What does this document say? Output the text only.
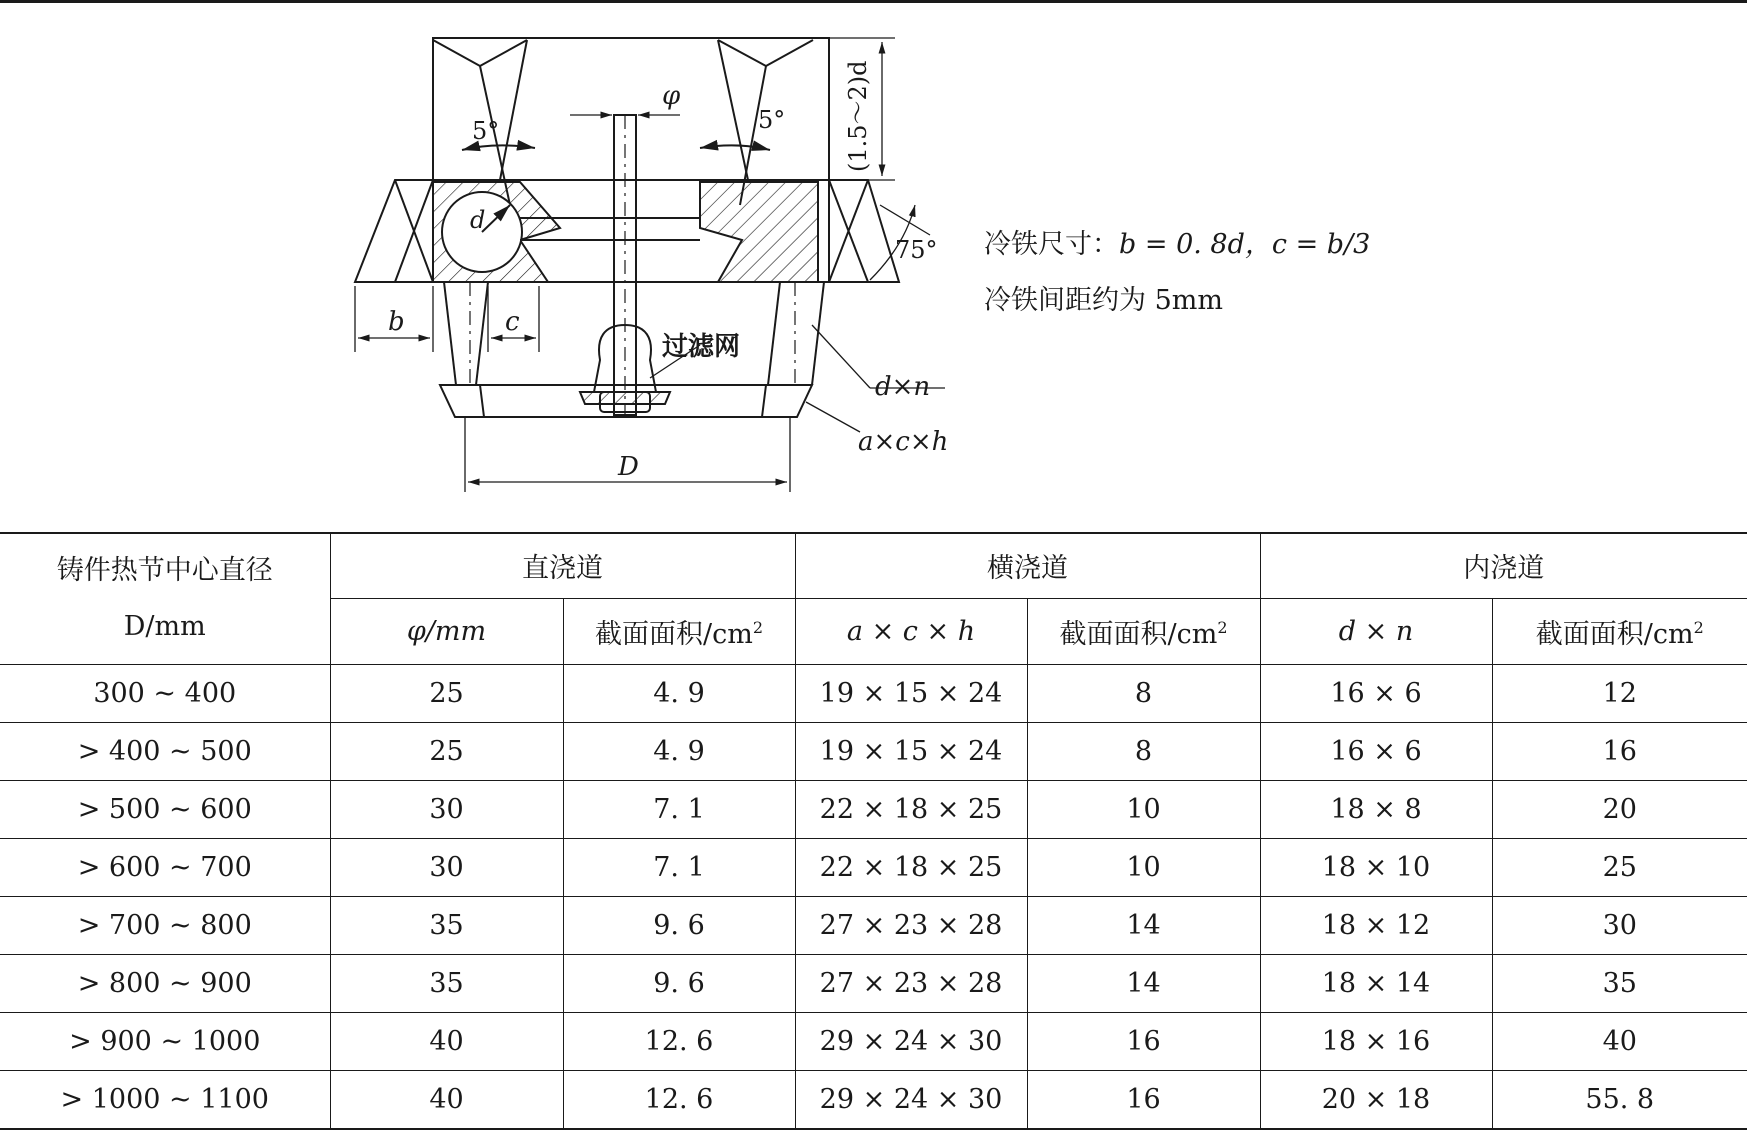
5°	5°
φ	(1.5～2)d
75°
d
b	c
过滤网
d×n
a×c×h
D
冷铁尺寸：b = 0. 8d，c = b/3
冷铁间距约为 5mm
铸件热节中心直径 D/mm	直浇道		横浇道		内浇道	
	φ/mm	截面面积$/cm^2$	a × c × h	截面面积$/cm^2$	d × n	截面面积$/cm^2$
300 ~ 400	25	4. 9	19 × 15 × 24	8	16 × 6	12
> 400 ~ 500	25	4. 9	19 × 15 × 24	8	16 × 6	16
> 500 ~ 600	30	7. 1	22 × 18 × 25	10	18 × 8	20
> 600 ~ 700	30	7. 1	22 × 18 × 25	10	18 × 10	25
> 700 ~ 800	35	9. 6	27 × 23 × 28	14	18 × 12	30
> 800 ~ 900	35	9. 6	27 × 23 × 28	14	18 × 14	35
> 900 ~ 1000	40	12. 6	29 × 24 × 30	16	18 × 16	40
> 1000 ~ 1100	40	12. 6	29 × 24 × 30	16	20 × 18	55. 8
